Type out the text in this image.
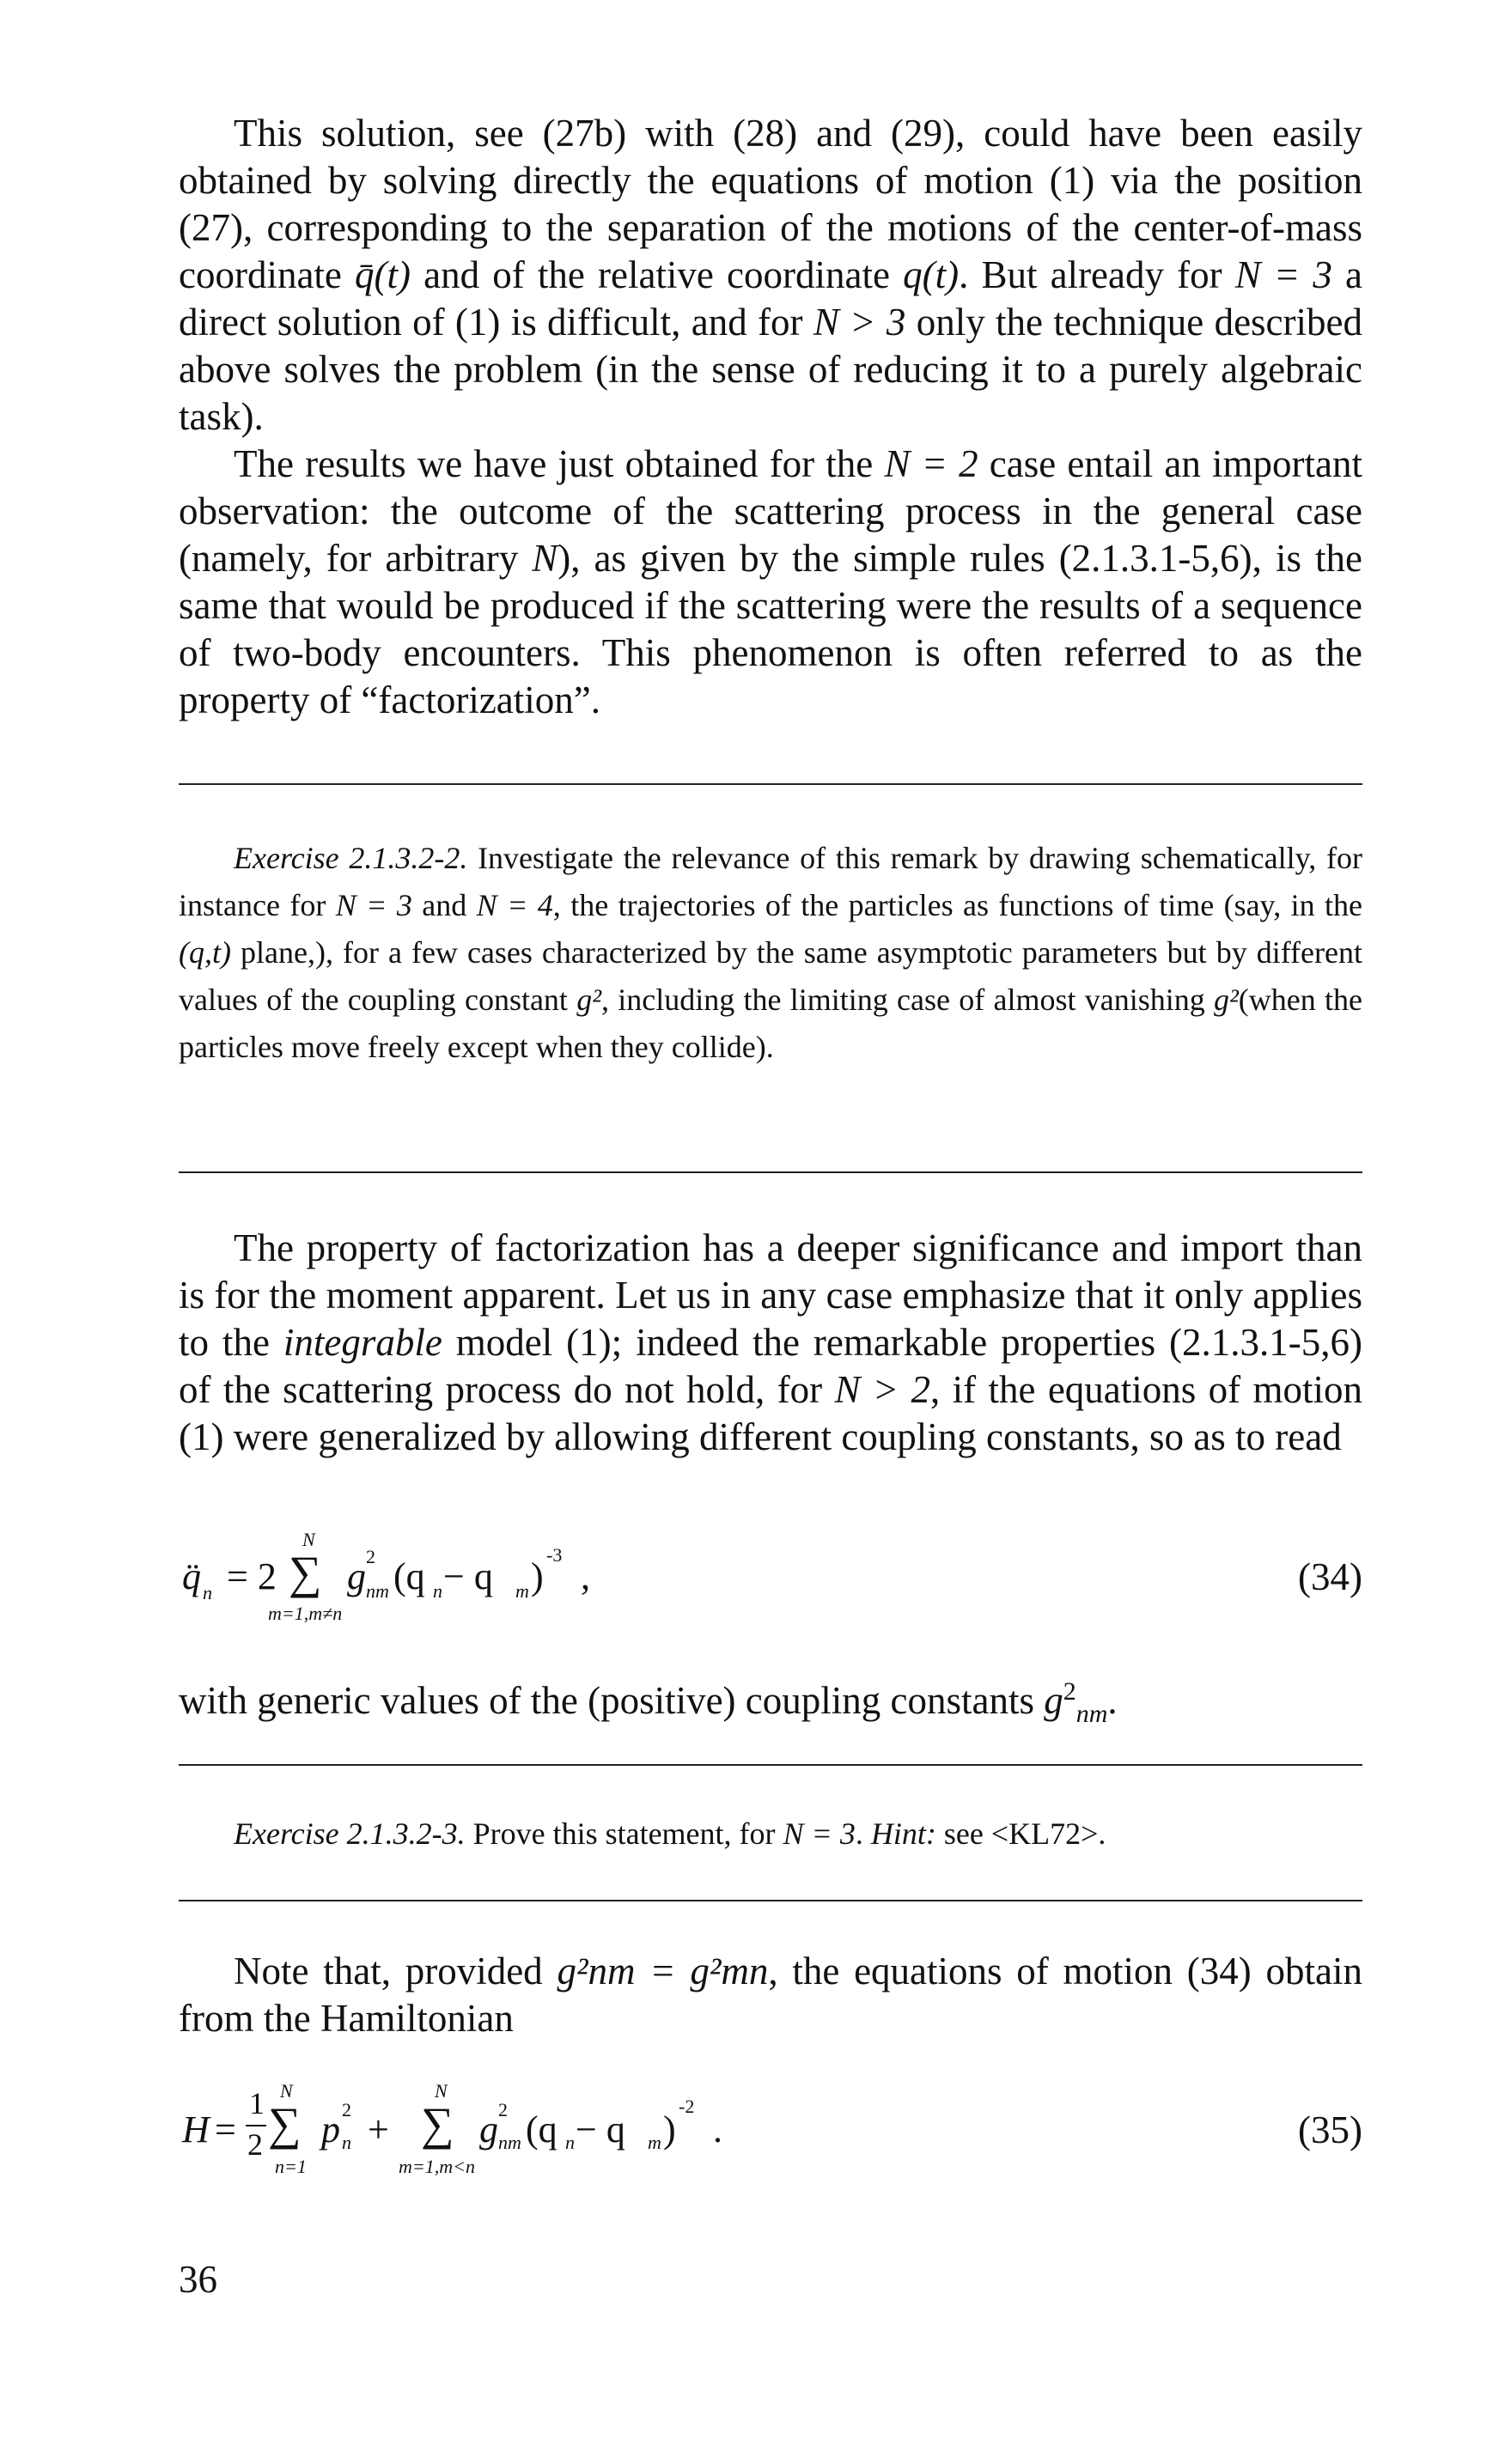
This solution, see (27b) with (28) and (29), could have been easily obtained by solving directly the equations of motion (1) via the position (27), corresponding to the separation of the motions of the center-of-mass coordinate q̄(t) and of the relative coordinate q(t). But already for N = 3 a direct solution of (1) is difficult, and for N > 3 only the technique described above solves the problem (in the sense of reducing it to a purely algebraic task).

The results we have just obtained for the N = 2 case entail an important observation: the outcome of the scattering process in the general case (namely, for arbitrary N), as given by the simple rules (2.1.3.1-5,6), is the same that would be produced if the scattering were the results of a sequence of two-body encounters. This phenomenon is often referred to as the property of “factorization”.

Exercise 2.1.3.2-2. Investigate the relevance of this remark by drawing schematically, for instance for N = 3 and N = 4, the trajectories of the particles as functions of time (say, in the (q,t) plane,), for a few cases characterized by the same asymptotic parameters but by different values of the coupling constant g², including the limiting case of almost vanishing g²(when the particles move freely except when they collide).

The property of factorization has a deeper significance and import than is for the moment apparent. Let us in any case emphasize that it only applies to the integrable model (1); indeed the remarkable properties (2.1.3.1-5,6) of the scattering process do not hold, for N > 2, if the equations of motion (1) were generalized by allowing different coupling constants, so as to read

q̈ n = 2
N
∑
m=1,m≠n
g 2
nm (q n − q m )
-3
,	(34)

with generic values of the (positive) coupling constants $g^2_{nm}$.

Exercise 2.1.3.2-3. Prove this statement, for N = 3. Hint: see <KL72>.

Note that, provided g²nm = g²mn, the equations of motion (34) obtain from the Hamiltonian

H =
1
2
N
∑
n=1
p 2
n +
N
∑
m=1,m<n
g 2
nm (q n − q m )
-2
.	(35)
36
